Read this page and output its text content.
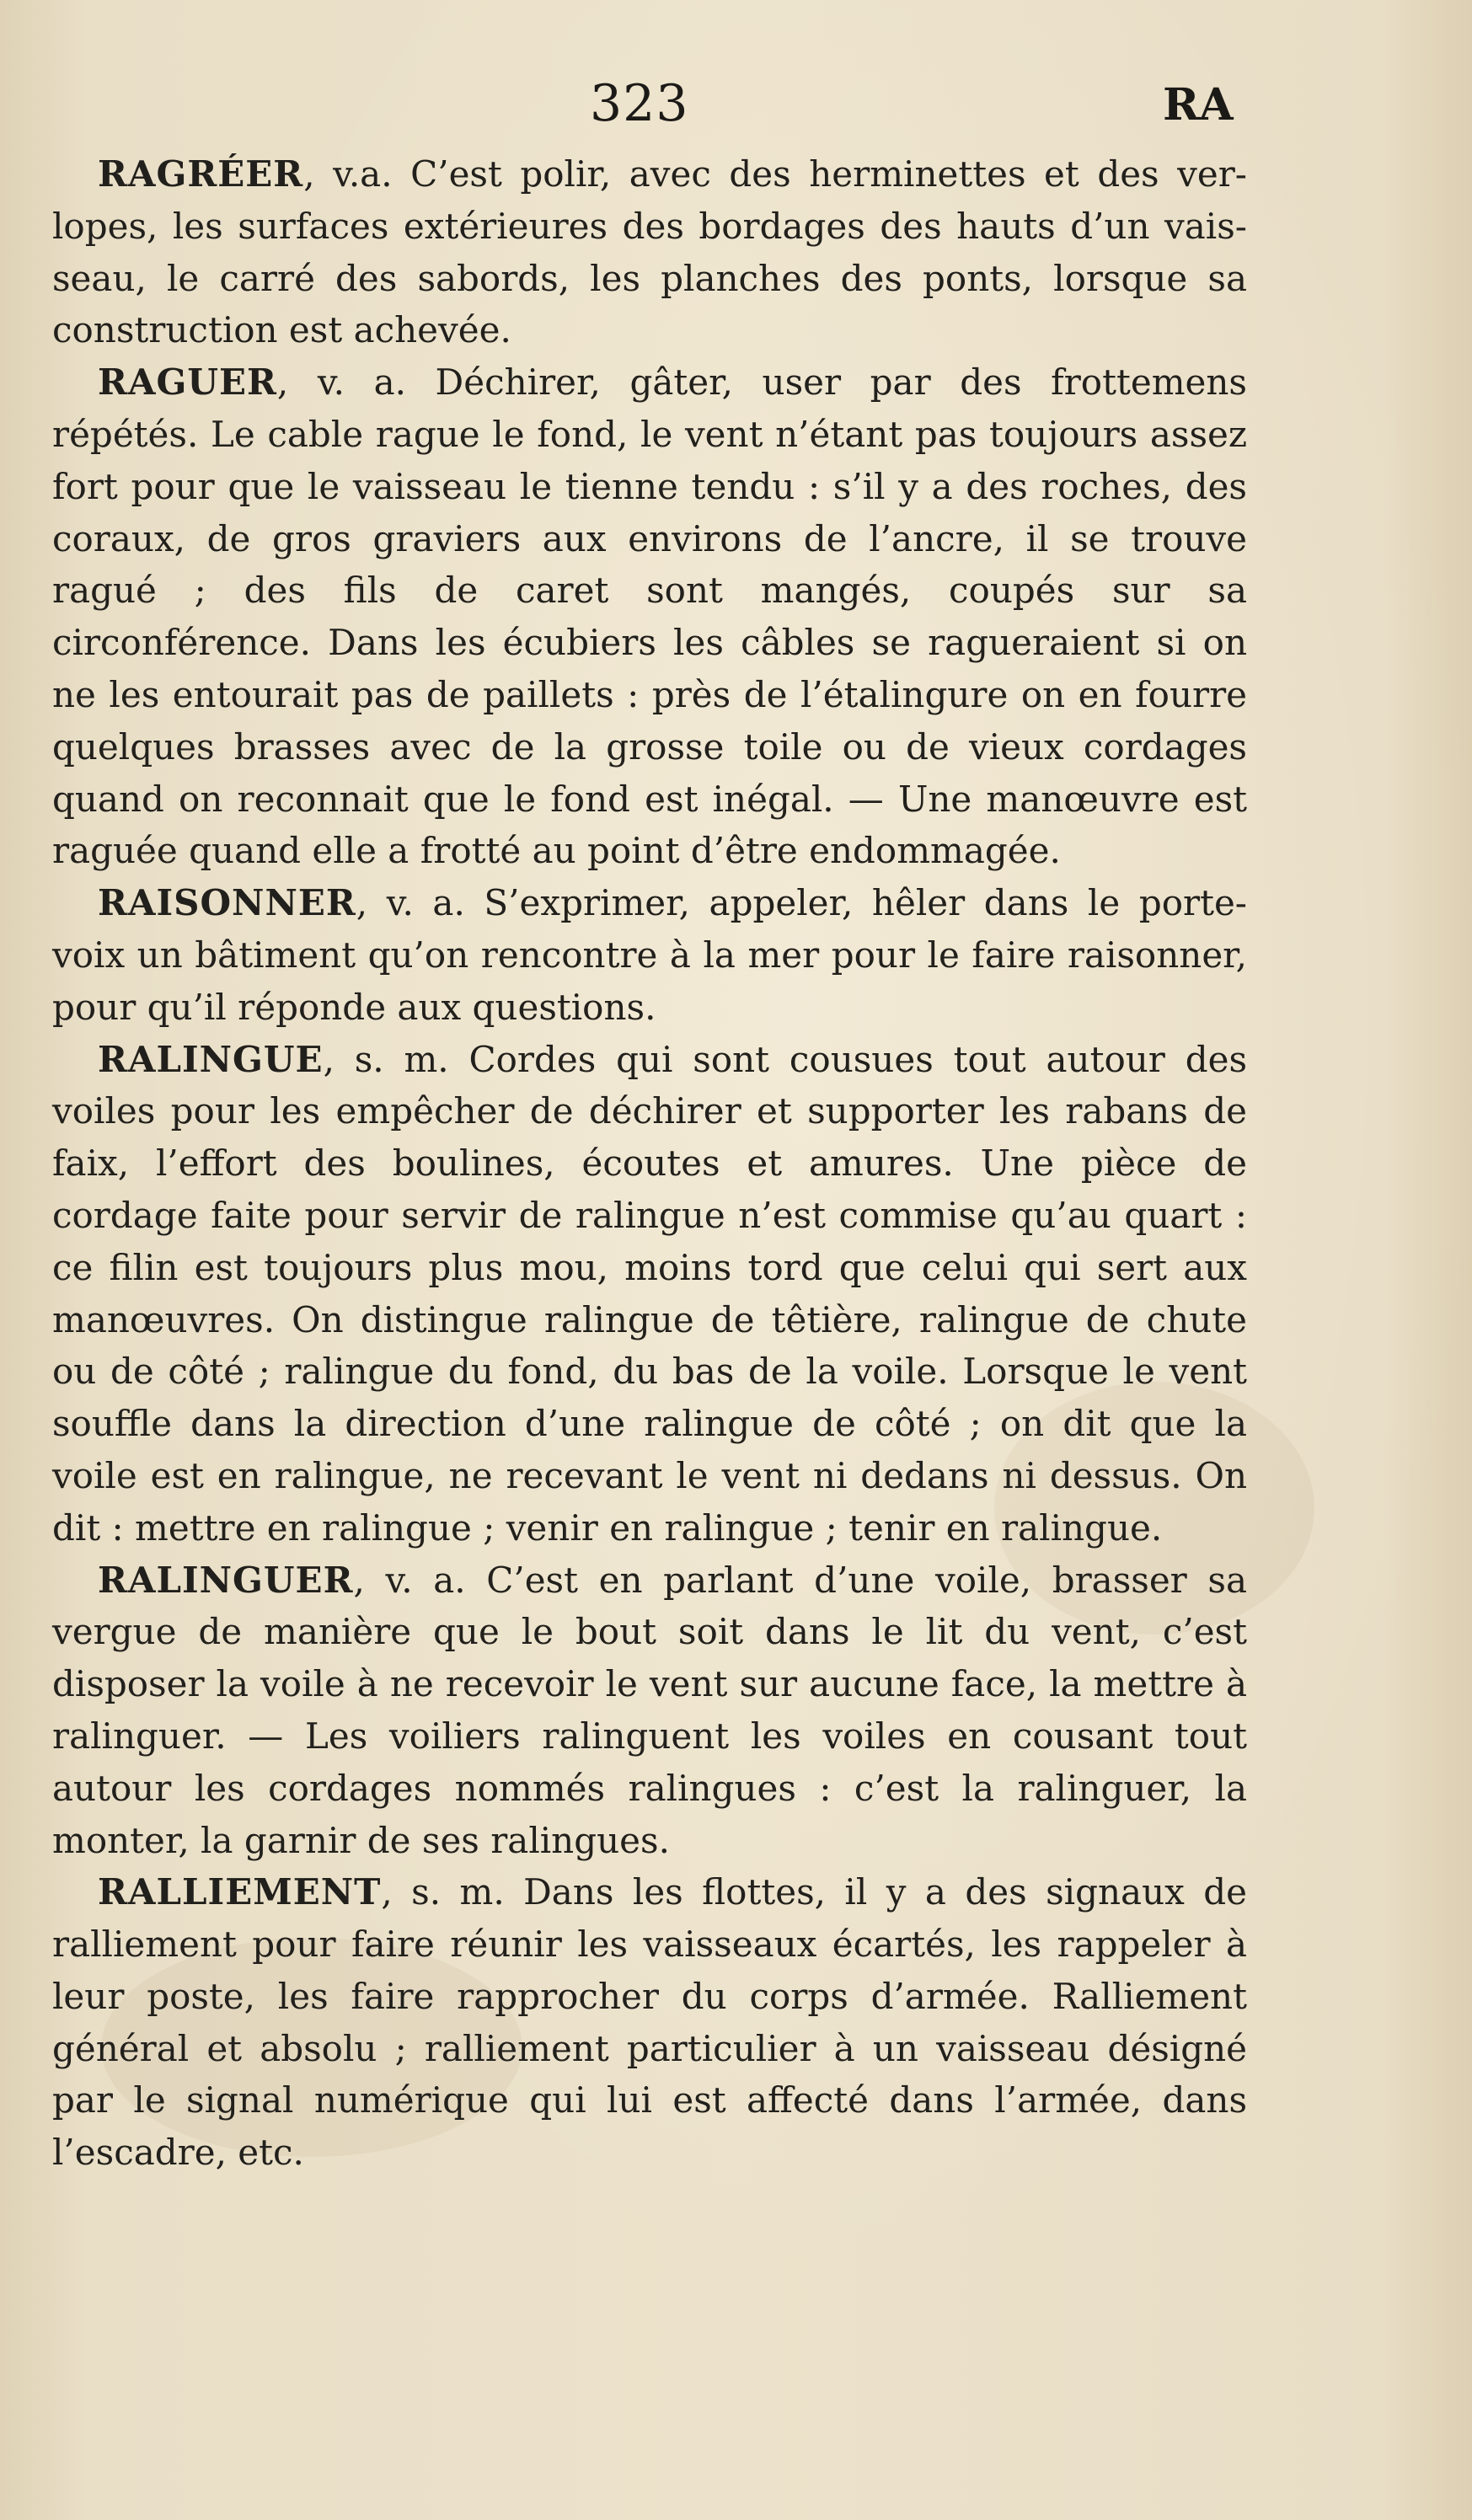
323	RA

RAGRÉER, v.a. C’est polir, avec des herminettes et des verlopes, les surfaces extérieures des bordages des hauts d’un vaisseau, le carré des sabords, les planches des ponts, lorsque sa construction est achevée.

RAGUER, v. a. Déchirer, gâter, user par des frottemens répétés. Le cable rague le fond, le vent n’étant pas toujours assez fort pour que le vaisseau le tienne tendu : s’il y a des roches, des coraux, de gros graviers aux environs de l’ancre, il se trouve ragué ; des fils de caret sont mangés, coupés sur sa circonférence. Dans les écubiers les câbles se ragueraient si on ne les entourait pas de paillets : près de l’étalingure on en fourre quelques brasses avec de la grosse toile ou de vieux cordages quand on reconnait que le fond est inégal. — Une manœuvre est raguée quand elle a frotté au point d’être endommagée.

RAISONNER, v. a. S’exprimer, appeler, hêler dans le porte-voix un bâtiment qu’on rencontre à la mer pour le faire raisonner, pour qu’il réponde aux questions.

RALINGUE, s. m. Cordes qui sont cousues tout autour des voiles pour les empêcher de déchirer et supporter les rabans de faix, l’effort des boulines, écoutes et amures. Une pièce de cordage faite pour servir de ralingue n’est commise qu’au quart : ce filin est toujours plus mou, moins tord que celui qui sert aux manœuvres. On distingue ralingue de têtière, ralingue de chute ou de côté ; ralingue du fond, du bas de la voile. Lorsque le vent souffle dans la direction d’une ralingue de côté ; on dit que la voile est en ralingue, ne recevant le vent ni dedans ni dessus. On dit : mettre en ralingue ; venir en ralingue ; tenir en ralingue.

RALINGUER, v. a. C’est en parlant d’une voile, brasser sa vergue de manière que le bout soit dans le lit du vent, c’est disposer la voile à ne recevoir le vent sur aucune face, la mettre à ralinguer. — Les voiliers ralinguent les voiles en cousant tout autour les cordages nommés ralingues : c’est la ralinguer, la monter, la garnir de ses ralingues.

RALLIEMENT, s. m. Dans les flottes, il y a des signaux de ralliement pour faire réunir les vaisseaux écartés, les rappeler à leur poste, les faire rapprocher du corps d’armée. Ralliement général et absolu ; ralliement particulier à un vaisseau désigné par le signal numérique qui lui est affecté dans l’armée, dans l’escadre, etc.
